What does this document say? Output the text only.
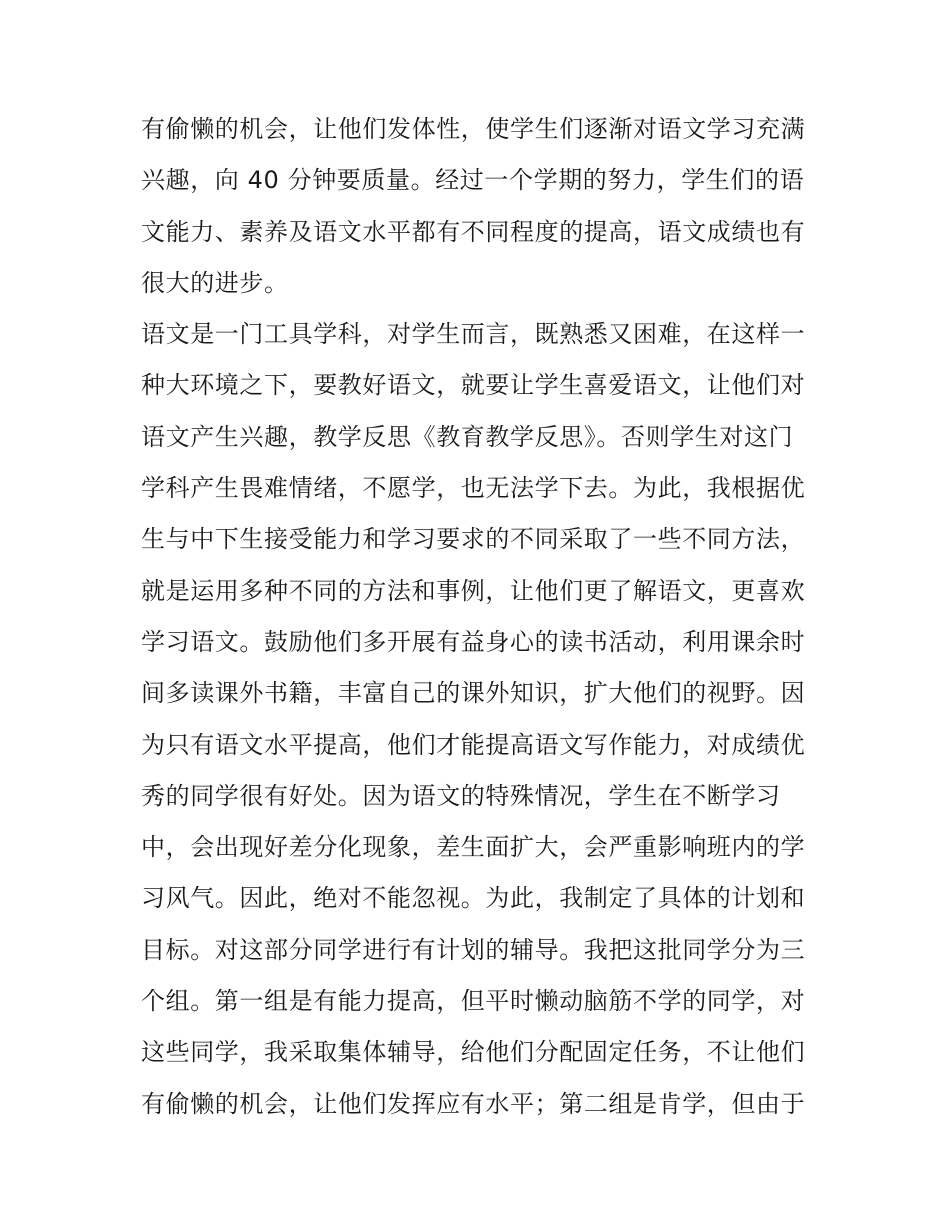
有偷懒的机会，让他们发体性，使学生们逐渐对语文学习充满
兴趣，向 40 分钟要质量。经过一个学期的努力，学生们的语
文能力、素养及语文水平都有不同程度的提高，语文成绩也有
很大的进步。
语文是一门工具学科，对学生而言，既熟悉又困难，在这样一
种大环境之下，要教好语文，就要让学生喜爱语文，让他们对
语文产生兴趣，教学反思《教育教学反思》。否则学生对这门
学科产生畏难情绪，不愿学，也无法学下去。为此，我根据优
生与中下生接受能力和学习要求的不同采取了一些不同方法，
就是运用多种不同的方法和事例，让他们更了解语文，更喜欢
学习语文。鼓励他们多开展有益身心的读书活动，利用课余时
间多读课外书籍，丰富自己的课外知识，扩大他们的视野。因
为只有语文水平提高，他们才能提高语文写作能力，对成绩优
秀的同学很有好处。因为语文的特殊情况，学生在不断学习
中，会出现好差分化现象，差生面扩大，会严重影响班内的学
习风气。因此，绝对不能忽视。为此，我制定了具体的计划和
目标。对这部分同学进行有计划的辅导。我把这批同学分为三
个组。第一组是有能力提高，但平时懒动脑筋不学的同学，对
这些同学，我采取集体辅导，给他们分配固定任务，不让他们
有偷懒的机会，让他们发挥应有水平；第二组是肯学，但由于
